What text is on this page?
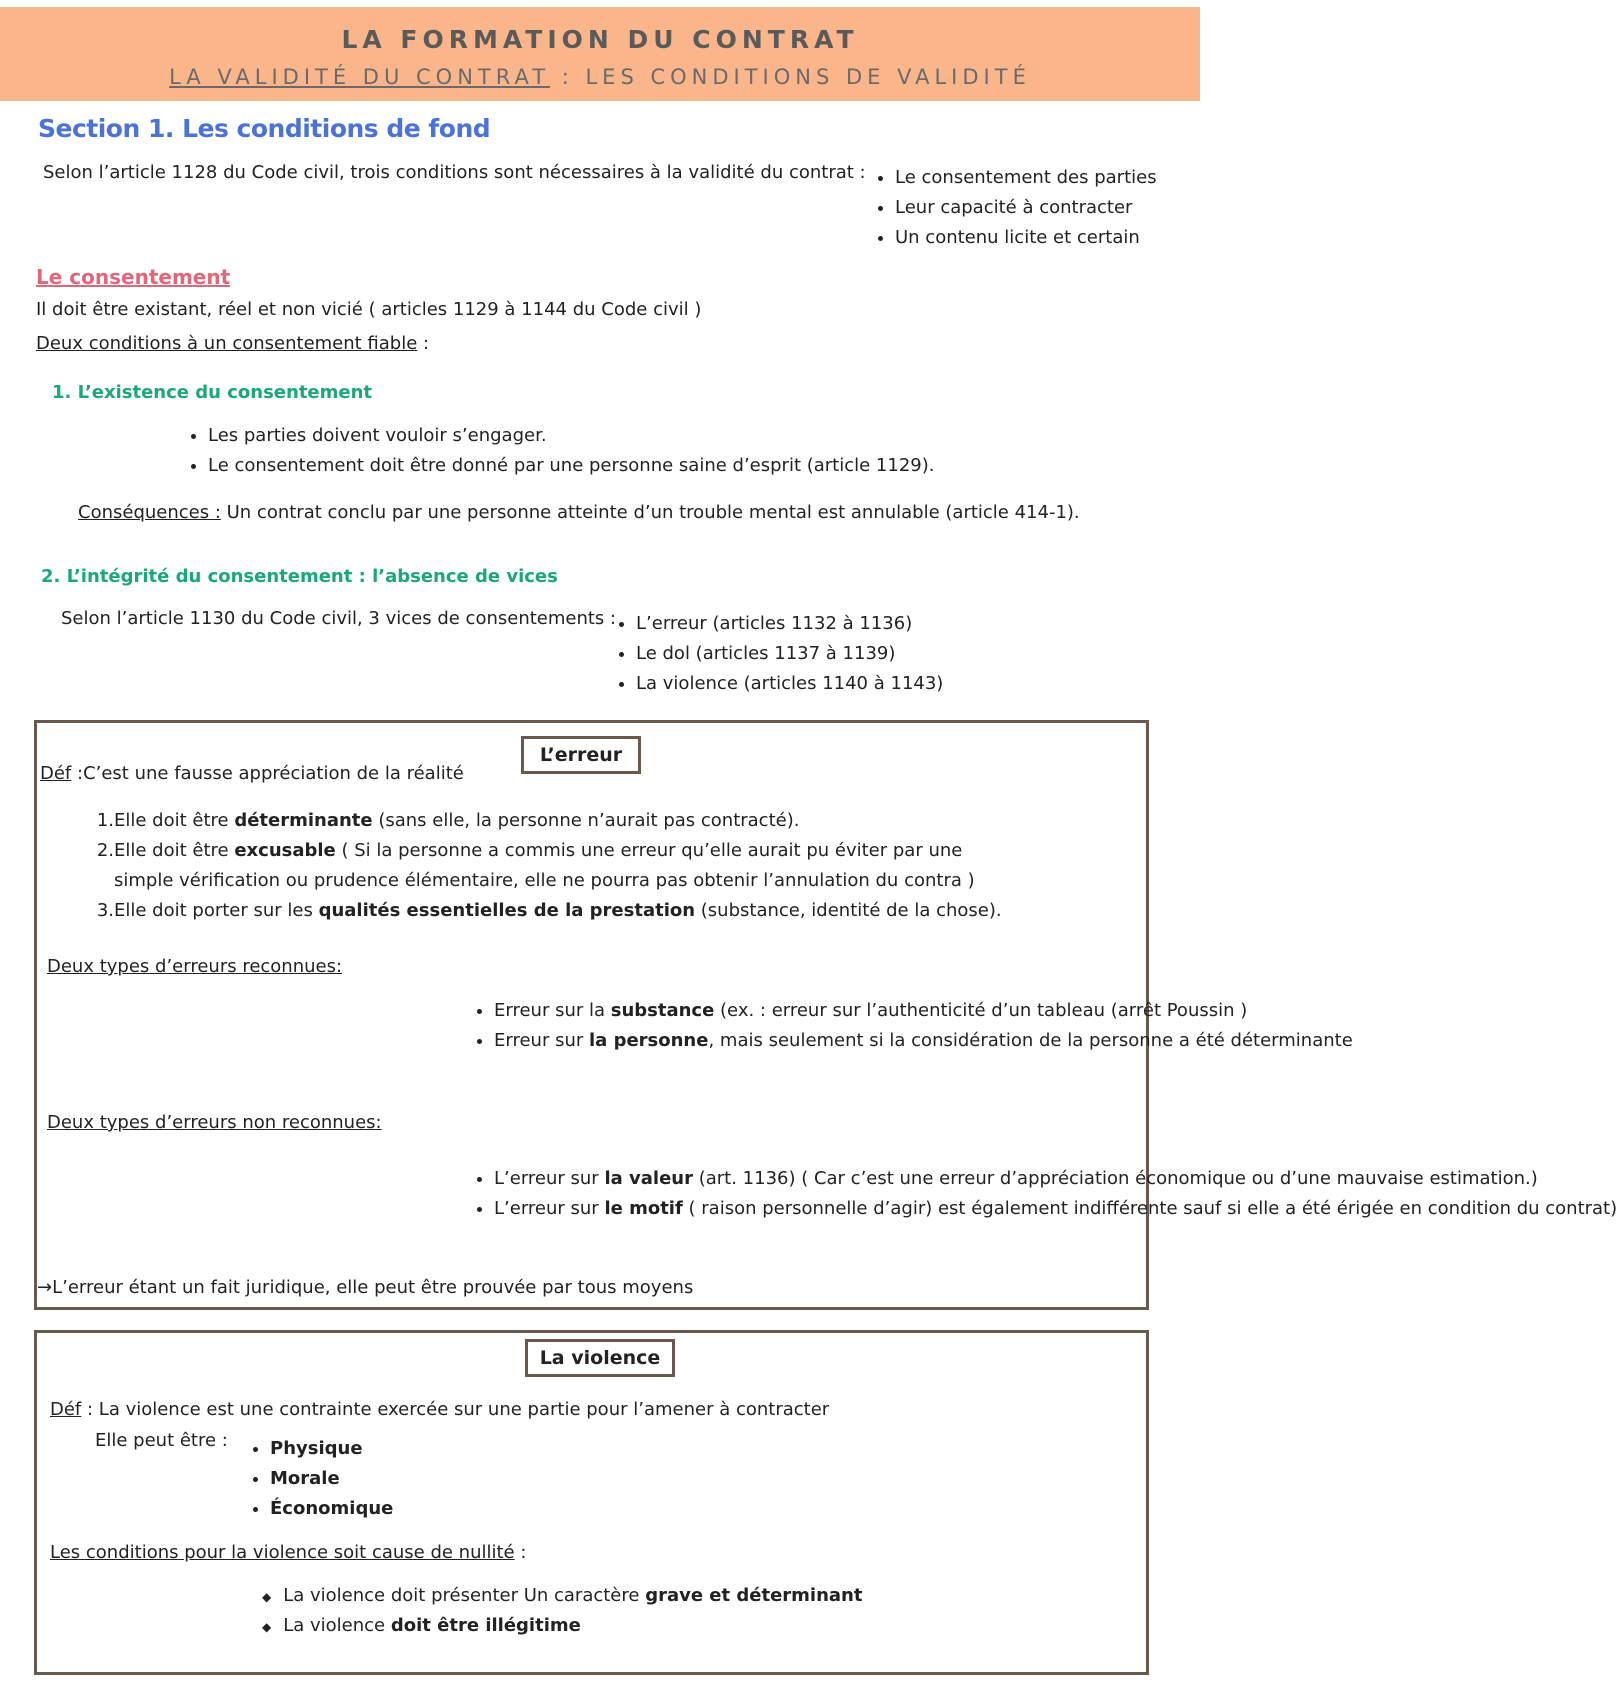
LA FORMATION DU CONTRAT
LA VALIDITÉ DU CONTRAT : LES CONDITIONS DE VALIDITÉ
Section 1. Les conditions de fond
Selon l’article 1128 du Code civil, trois conditions sont nécessaires à la validité du contrat : • Le consentement des parties
• Leur capacité à contracter
• Un contenu licite et certain
Le consentement
Il doit être existant, réel et non vicié ( articles 1129 à 1144 du Code civil )
Deux conditions à un consentement fiable :
1. L’existence du consentement
• Les parties doivent vouloir s’engager.
• Le consentement doit être donné par une personne saine d’esprit (article 1129).
Conséquences : Un contrat conclu par une personne atteinte d’un trouble mental est annulable (article 414-1).
2. L’intégrité du consentement : l’absence de vices
Selon l’article 1130 du Code civil, 3 vices de consentements : • L’erreur (articles 1132 à 1136)
• Le dol (articles 1137 à 1139)
• La violence (articles 1140 à 1143)
L’erreur
Déf :C’est une fausse appréciation de la réalité
1. Elle doit être déterminante (sans elle, la personne n’aurait pas contracté).
2. Elle doit être excusable ( Si la personne a commis une erreur qu’elle aurait pu éviter par une simple vérification ou prudence élémentaire, elle ne pourra pas obtenir l’annulation du contra )
3. Elle doit porter sur les qualités essentielles de la prestation (substance, identité de la chose).
Deux types d’erreurs reconnues:
• Erreur sur la substance (ex. : erreur sur l’authenticité d’un tableau (arrêt Poussin )
• Erreur sur la personne, mais seulement si la considération de la personne a été déterminante
Deux types d’erreurs non reconnues:
• L’erreur sur la valeur (art. 1136) ( Car c’est une erreur d’appréciation économique ou d’une mauvaise estimation.)
• L’erreur sur le motif ( raison personnelle d’agir) est également indifférente sauf si elle a été érigée en condition du contrat)
→L’erreur étant un fait juridique, elle peut être prouvée par tous moyens
La violence
Déf : La violence est une contrainte exercée sur une partie pour l’amener à contracter
Elle peut être : • Physique
• Morale
• Économique
Les conditions pour la violence soit cause de nullité :
◆ La violence doit présenter Un caractère grave et déterminant
◆ La violence doit être illégitime
